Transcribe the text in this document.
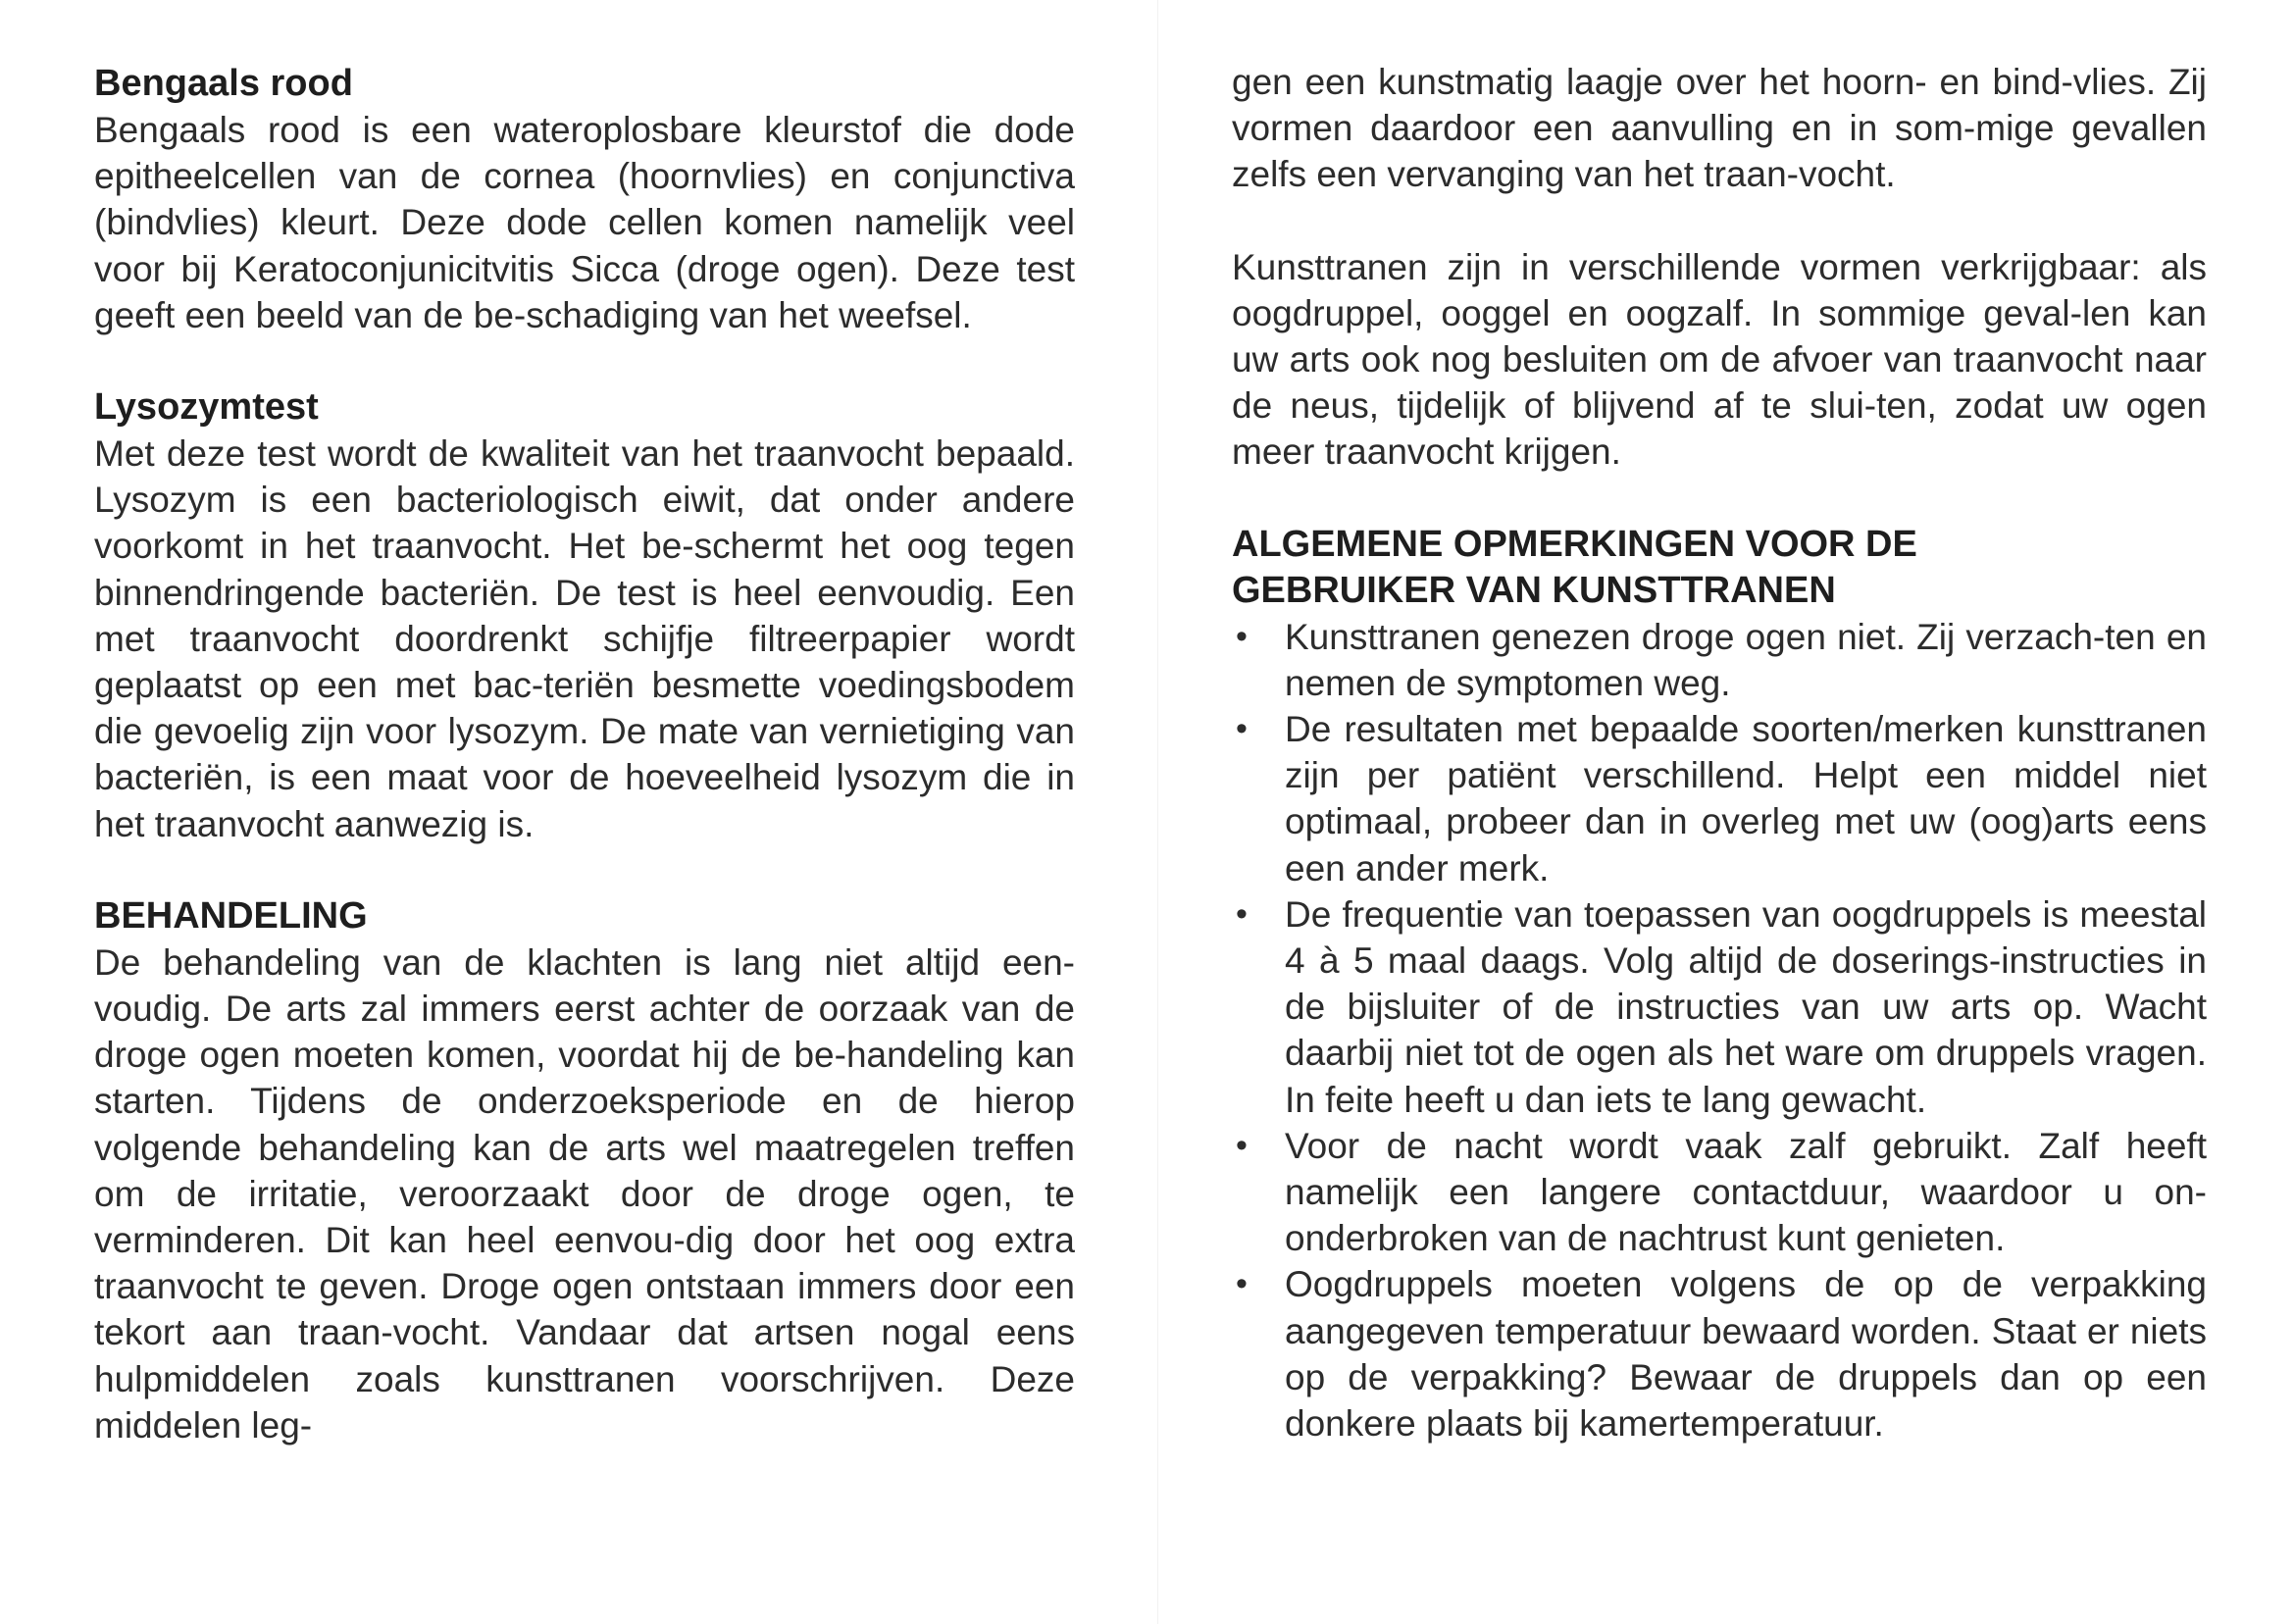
Bengaals rood

Bengaals rood is een wateroplosbare kleurstof die dode epitheelcellen van de cornea (hoornvlies) en conjunctiva (bindvlies) kleurt. Deze dode cellen komen namelijk veel voor bij Keratoconjunicitvitis Sicca (droge ogen). Deze test geeft een beeld van de be-schadiging van het weefsel.

Lysozymtest

Met deze test wordt de kwaliteit van het traanvocht bepaald. Lysozym is een bacteriologisch eiwit, dat onder andere voorkomt in het traanvocht. Het be-schermt het oog tegen binnendringende bacteriën. De test is heel eenvoudig. Een met traanvocht doordrenkt schijfje filtreerpapier wordt geplaatst op een met bac-teriën besmette voedingsbodem die gevoelig zijn voor lysozym. De mate van vernietiging van bacteriën, is een maat voor de hoeveelheid lysozym die in het traanvocht aanwezig is.

BEHANDELING

De behandeling van de klachten is lang niet altijd een-voudig. De arts zal immers eerst achter de oorzaak van de droge ogen moeten komen, voordat hij de be-handeling kan starten. Tijdens de onderzoeksperiode en de hierop volgende behandeling kan de arts wel maatregelen treffen om de irritatie, veroorzaakt door de droge ogen, te verminderen. Dit kan heel eenvou-dig door het oog extra traanvocht te geven. Droge ogen ontstaan immers door een tekort aan traan-vocht. Vandaar dat artsen nogal eens hulpmiddelen zoals kunsttranen voorschrijven. Deze middelen leg-

gen een kunstmatig laagje over het hoorn- en bind-vlies. Zij vormen daardoor een aanvulling en in som-mige gevallen zelfs een vervanging van het traan-vocht.

Kunsttranen zijn in verschillende vormen verkrijgbaar: als oogdruppel, ooggel en oogzalf. In sommige geval-len kan uw arts ook nog besluiten om de afvoer van traanvocht naar de neus, tijdelijk of blijvend af te slui-ten, zodat uw ogen meer traanvocht krijgen.

ALGEMENE OPMERKINGEN VOOR DE
GEBRUIKER VAN KUNSTTRANEN
• Kunsttranen genezen droge ogen niet. Zij verzach-ten en nemen de symptomen weg.
• De resultaten met bepaalde soorten/merken kunsttranen zijn per patiënt verschillend. Helpt een middel niet optimaal, probeer dan in overleg met uw (oog)arts eens een ander merk.
• De frequentie van toepassen van oogdruppels is meestal 4 à 5 maal daags. Volg altijd de doserings-instructies in de bijsluiter of de instructies van uw arts op. Wacht daarbij niet tot de ogen als het ware om druppels vragen. In feite heeft u dan iets te lang gewacht.
• Voor de nacht wordt vaak zalf gebruikt. Zalf heeft namelijk een langere contactduur, waardoor u on-onderbroken van de nachtrust kunt genieten.
• Oogdruppels moeten volgens de op de verpakking aangegeven temperatuur bewaard worden. Staat er niets op de verpakking? Bewaar de druppels dan op een donkere plaats bij kamertemperatuur.
